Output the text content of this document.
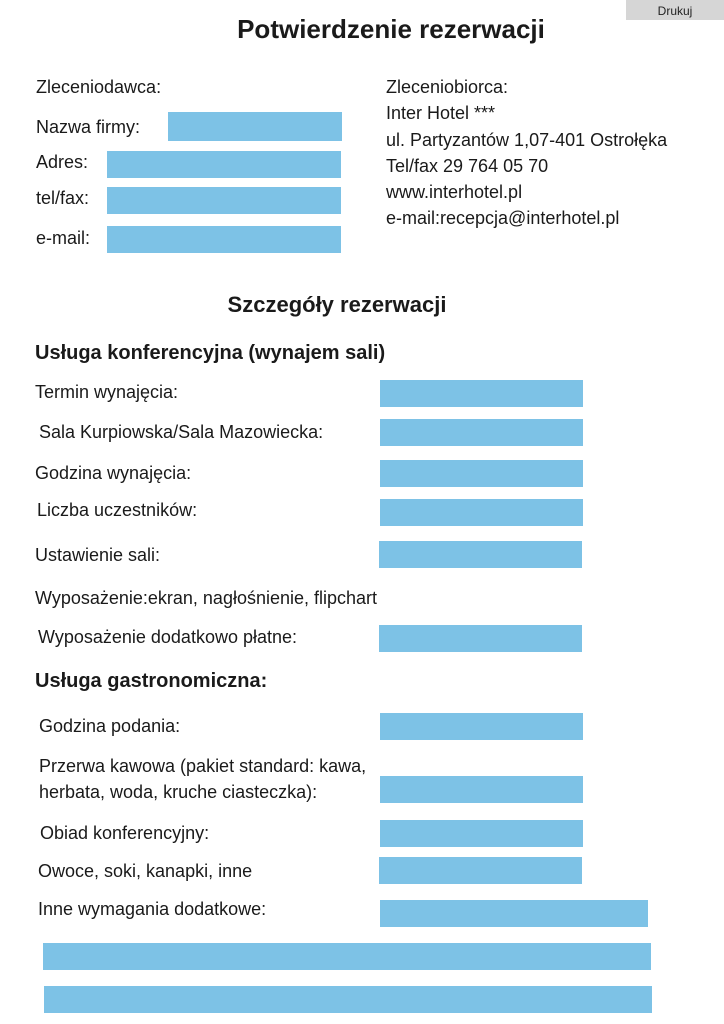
Drukuj
Potwierdzenie rezerwacji
Zleceniodawca:
Nazwa firmy:
Adres:
tel/fax:
e-mail:
Zleceniobiorca:
Inter Hotel ***
ul. Partyzantów 1,07-401 Ostrołęka
Tel/fax 29 764 05 70
www.interhotel.pl
e-mail:recepcja@interhotel.pl
Szczegóły rezerwacji
Usługa konferencyjna (wynajem sali)
Termin wynajęcia:
Sala Kurpiowska/Sala Mazowiecka:
Godzina wynajęcia:
Liczba uczestników:
Ustawienie sali:
Wyposażenie:ekran, nagłośnienie, flipchart
Wyposażenie dodatkowo płatne:
Usługa gastronomiczna:
Godzina podania:
Przerwa kawowa (pakiet standard: kawa,
herbata, woda, kruche ciasteczka):
Obiad konferencyjny:
Owoce, soki, kanapki, inne
Inne wymagania dodatkowe:
